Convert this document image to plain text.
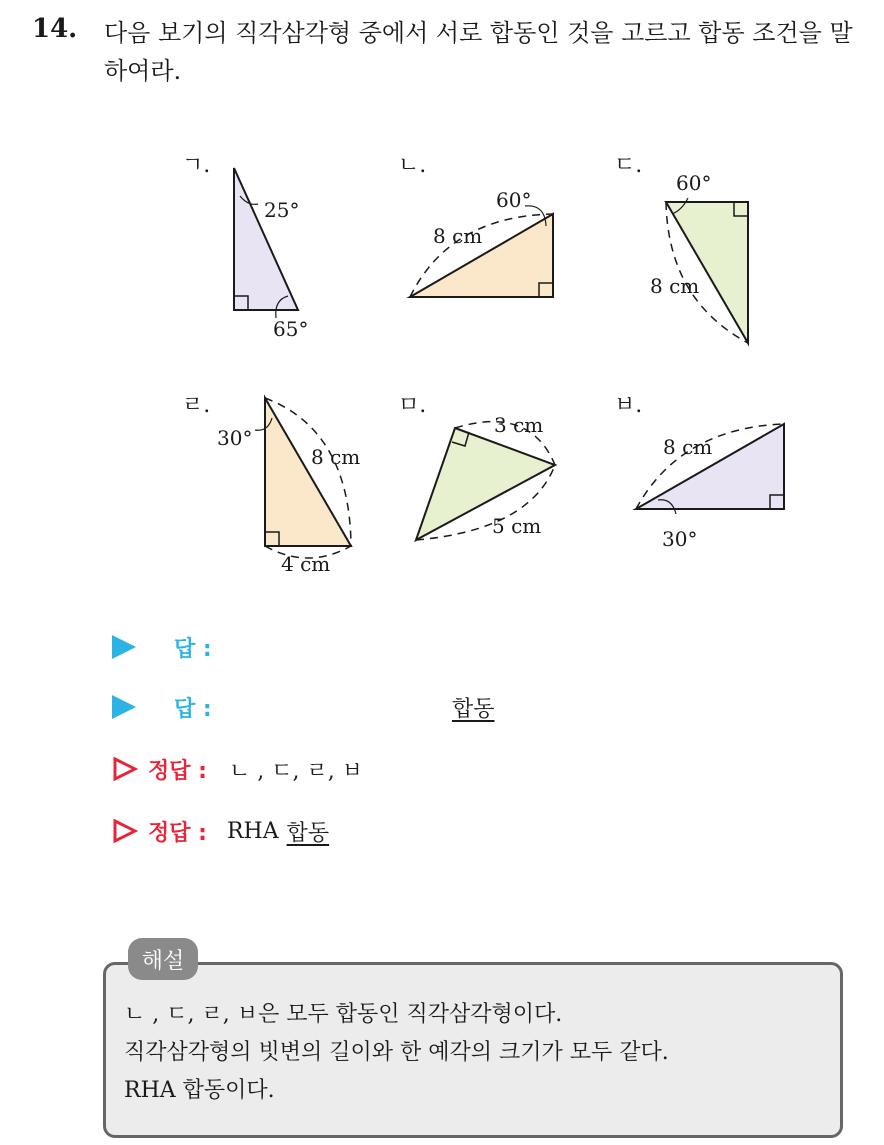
14. 다음 보기의 직각삼각형 중에서 서로 합동인 것을 고르고 합동 조건을 말하여라.
ㄱ.
25°
65°
ㄴ.
60°
8 cm
ㄷ.
60°
8 cm
ㄹ.
30°
8 cm
4 cm
ㅁ.
3 cm
5 cm
ㅂ.
8 cm
30°
답 :
답 :	합동
정답 : ㄴ , ㄷ, ㄹ, ㅂ
정답 : RHA 합동
해설
ㄴ , ㄷ, ㄹ, ㅂ은 모두 합동인 직각삼각형이다.
직각삼각형의 빗변의 길이와 한 예각의 크기가 모두 같다.
RHA 합동이다.
